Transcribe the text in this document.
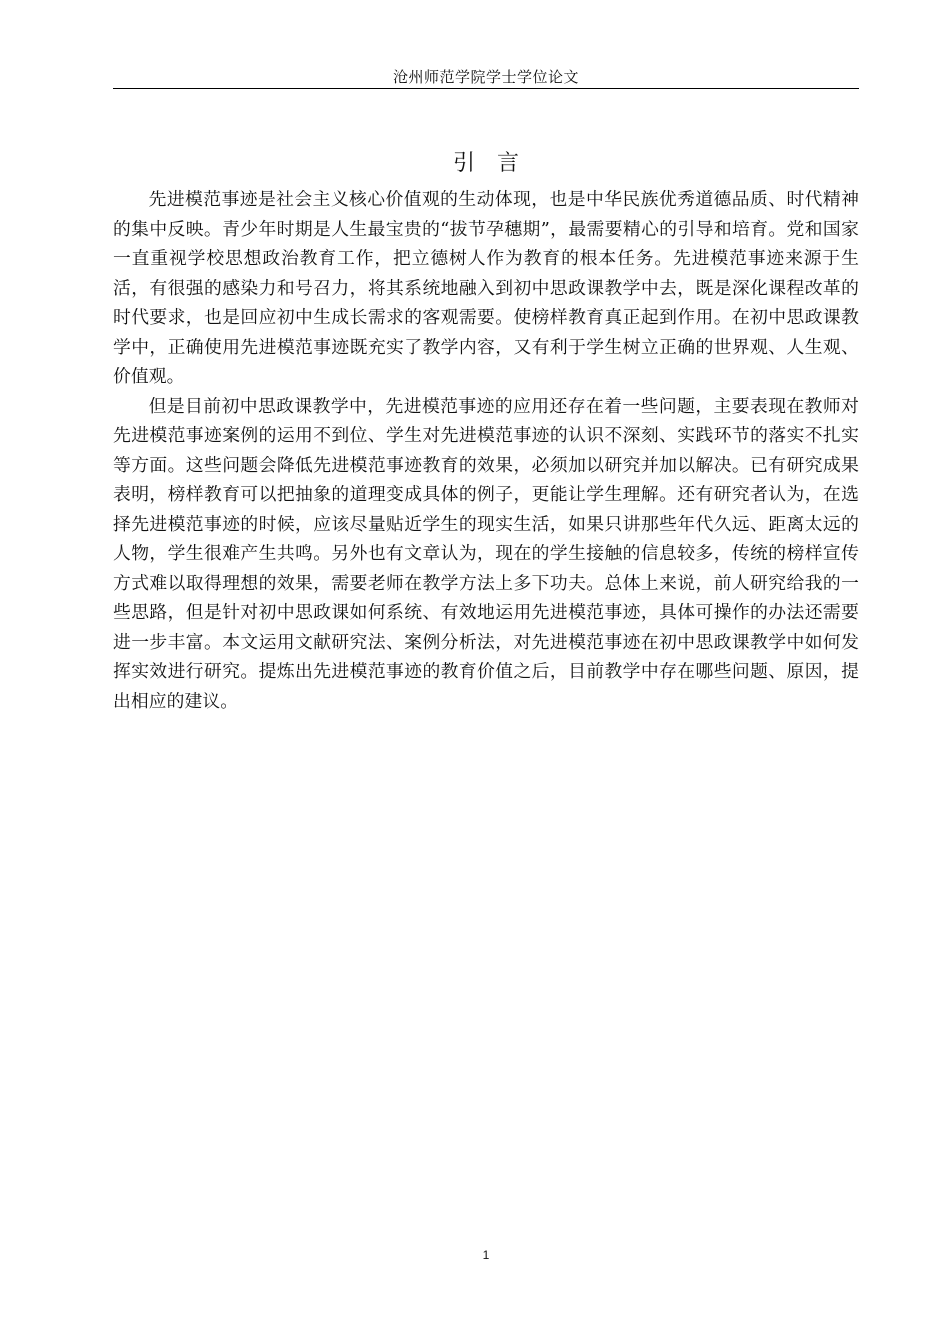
沧州师范学院学士学位论文
引言

先进模范事迹是社会主义核心价值观的生动体现，也是中华民族优秀道德品质、时代精神的集中反映。青少年时期是人生最宝贵的“拔节孕穗期”，最需要精心的引导和培育。党和国家一直重视学校思想政治教育工作，把立德树人作为教育的根本任务。先进模范事迹来源于生活，有很强的感染力和号召力，将其系统地融入到初中思政课教学中去，既是深化课程改革的时代要求，也是回应初中生成长需求的客观需要。使榜样教育真正起到作用。在初中思政课教学中，正确使用先进模范事迹既充实了教学内容，又有利于学生树立正确的世界观、人生观、价值观。

但是目前初中思政课教学中，先进模范事迹的应用还存在着一些问题，主要表现在教师对先进模范事迹案例的运用不到位、学生对先进模范事迹的认识不深刻、实践环节的落实不扎实等方面。这些问题会降低先进模范事迹教育的效果，必须加以研究并加以解决。已有研究成果表明，榜样教育可以把抽象的道理变成具体的例子，更能让学生理解。还有研究者认为，在选择先进模范事迹的时候，应该尽量贴近学生的现实生活，如果只讲那些年代久远、距离太远的人物，学生很难产生共鸣。另外也有文章认为，现在的学生接触的信息较多，传统的榜样宣传方式难以取得理想的效果，需要老师在教学方法上多下功夫。总体上来说，前人研究给我的一些思路，但是针对初中思政课如何系统、有效地运用先进模范事迹，具体可操作的办法还需要进一步丰富。本文运用文献研究法、案例分析法，对先进模范事迹在初中思政课教学中如何发挥实效进行研究。提炼出先进模范事迹的教育价值之后，目前教学中存在哪些问题、原因，提出相应的建议。

1
